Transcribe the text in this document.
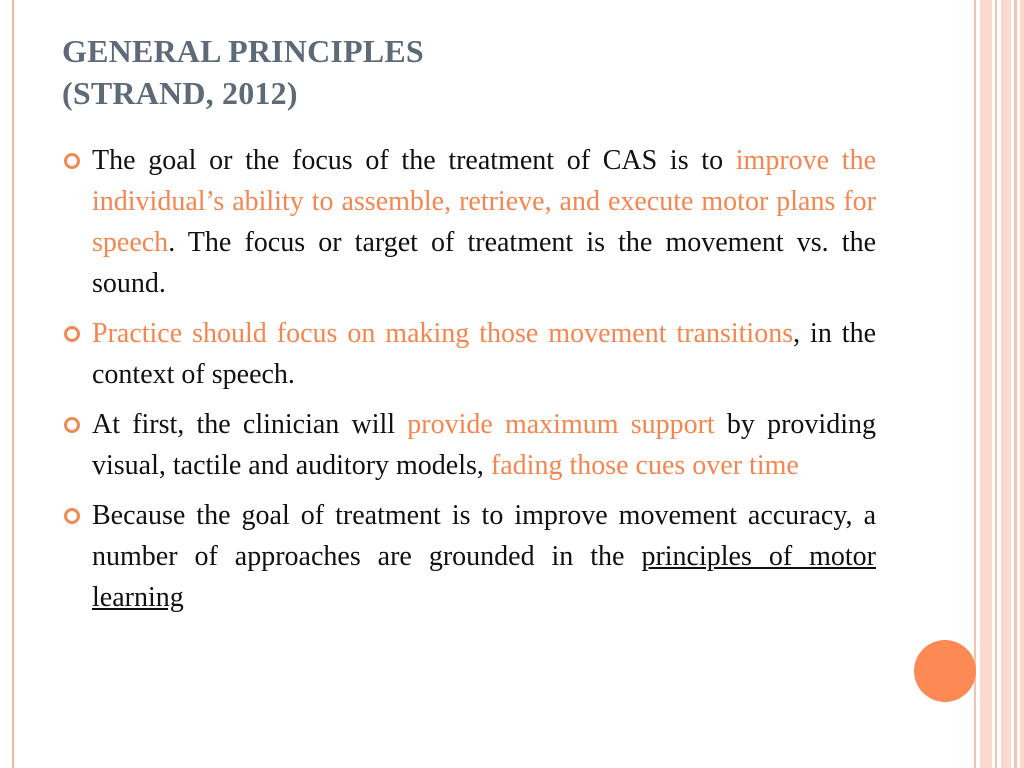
GENERAL PRINCIPLES
(STRAND, 2012)
The goal or the focus of the treatment of CAS is to improve the individual’s ability to assemble, retrieve, and execute motor plans for speech. The focus or target of treatment is the movement vs. the sound.
Practice should focus on making those movement transitions, in the context of speech.
At first, the clinician will provide maximum support by providing visual, tactile and auditory models, fading those cues over time
Because the goal of treatment is to improve movement accuracy, a number of approaches are grounded in the principles of motor learning
